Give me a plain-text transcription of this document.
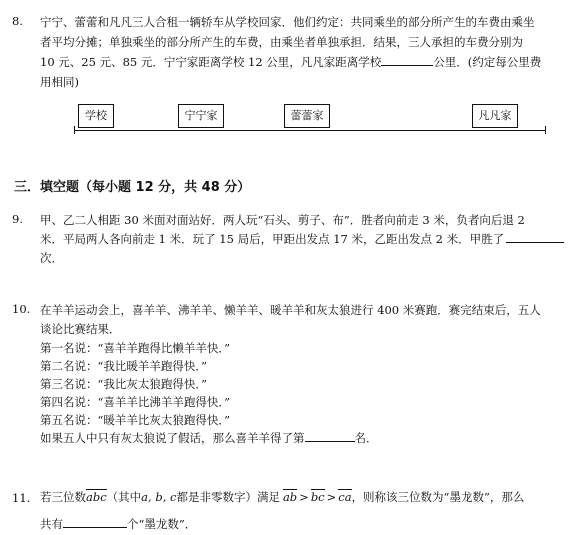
8. 宁宁、蕾蕾和凡凡三人合租一辆轿车从学校回家．他们约定：共同乘坐的部分所产生的车费由乘坐
者平均分摊；单独乘坐的部分所产生的车费，由乘坐者单独承担．结果，三人承担的车费分别为
10 元、25 元、85 元．宁宁家距离学校 12 公里，凡凡家距离学校	公里．(约定每公里费
用相同)
学校	宁宁家	蕾蕾家	凡凡家
三．填空题（每小题 12 分，共 48 分）
9. 甲、乙二人相距 30 米面对面站好．两人玩“石头、剪子、布”．胜者向前走 3 米，负者向后退 2
米．平局两人各向前走 1 米．玩了 15 局后，甲距出发点 17 米，乙距出发点 2 米．甲胜了
次．
10. 在羊羊运动会上，喜羊羊、沸羊羊、懒羊羊、暖羊羊和灰太狼进行 400 米赛跑．赛完结束后，五人
谈论比赛结果．
第一名说：“喜羊羊跑得比懒羊羊快．”
第二名说：“我比暖羊羊跑得快．”
第三名说：“我比灰太狼跑得快．”
第四名说：“喜羊羊比沸羊羊跑得快．”
第五名说：“暖羊羊比灰太狼跑得快．”
如果五人中只有灰太狼说了假话，那么喜羊羊得了第	名．
11. 若三位数abc（其中a, b, c都是非零数字）满足 ab > bc > ca，则称该三位数为“墨龙数”，那么
共有	个“墨龙数”．
